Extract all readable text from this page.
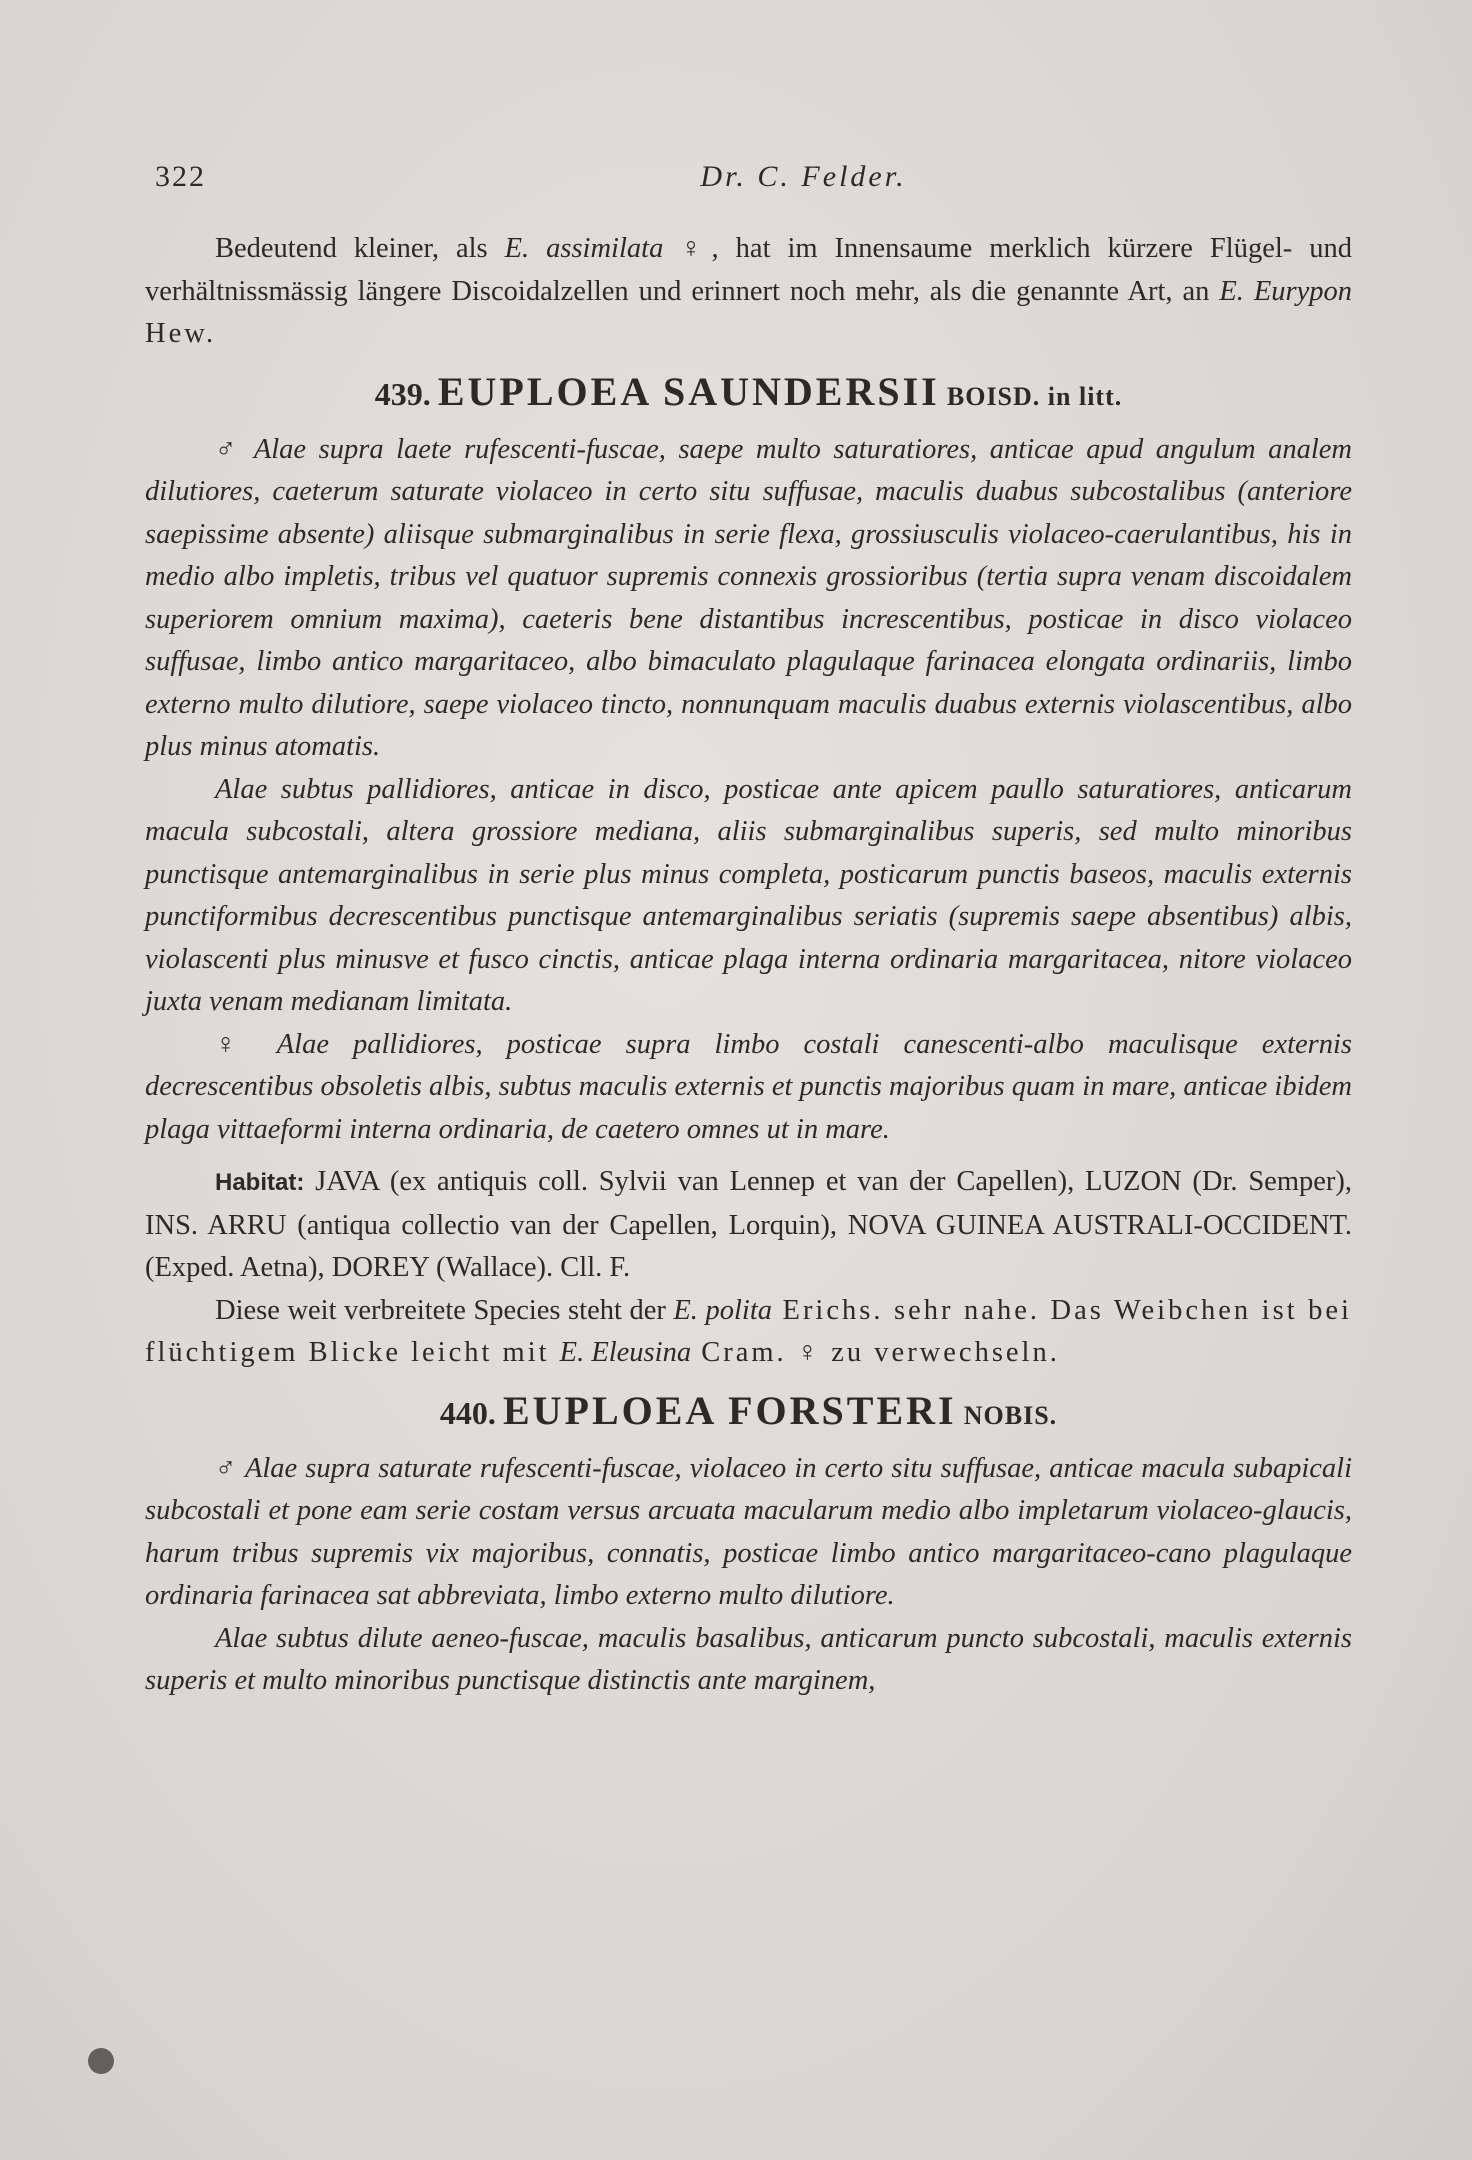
322	Dr. C. Felder.

Bedeutend kleiner, als E. assimilata ♀, hat im Innensaume merklich kürzere Flügel- und verhältnissmässig längere Discoidalzellen und erinnert noch mehr, als die genannte Art, an E. Eurypon Hew.

439. EUPLOEA SAUNDERSII BOISD. in litt.

♂ Alae supra laete rufescenti-fuscae, saepe multo saturatiores, anticae apud angulum analem dilutiores, caeterum saturate violaceo in certo situ suffusae, maculis duabus subcostalibus (anteriore saepissime absente) aliisque submarginalibus in serie flexa, grossiusculis violaceo-caerulantibus, his in medio albo impletis, tribus vel quatuor supremis connexis grossioribus (tertia supra venam discoidalem superiorem omnium maxima), caeteris bene distantibus increscentibus, posticae in disco violaceo suffusae, limbo antico margaritaceo, albo bimaculato plagulaque farinacea elongata ordinariis, limbo externo multo dilutiore, saepe violaceo tincto, nonnunquam maculis duabus externis violascentibus, albo plus minus atomatis.

Alae subtus pallidiores, anticae in disco, posticae ante apicem paullo saturatiores, anticarum macula subcostali, altera grossiore mediana, aliis submarginalibus superis, sed multo minoribus punctisque antemarginalibus in serie plus minus completa, posticarum punctis baseos, maculis externis punctiformibus decrescentibus punctisque antemarginalibus seriatis (supremis saepe absentibus) albis, violascenti plus minusve et fusco cinctis, anticae plaga interna ordinaria margaritacea, nitore violaceo juxta venam medianam limitata.

♀ Alae pallidiores, posticae supra limbo costali canescenti-albo maculisque externis decrescentibus obsoletis albis, subtus maculis externis et punctis majoribus quam in mare, anticae ibidem plaga vittaeformi interna ordinaria, de caetero omnes ut in mare.

Habitat: JAVA (ex antiquis coll. Sylvii van Lennep et van der Capellen), LUZON (Dr. Semper), INS. ARRU (antiqua collectio van der Capellen, Lorquin), NOVA GUINEA AUSTRALI-OCCIDENT. (Exped. Aetna), DOREY (Wallace). Cll. F.

Diese weit verbreitete Species steht der E. polita Erichs. sehr nahe. Das Weibchen ist bei flüchtigem Blicke leicht mit E. Eleusina Cram. ♀ zu verwechseln.

440. EUPLOEA FORSTERI NOBIS.

♂ Alae supra saturate rufescenti-fuscae, violaceo in certo situ suffusae, anticae macula subapicali subcostali et pone eam serie costam versus arcuata macularum medio albo impletarum violaceo-glaucis, harum tribus supremis vix majoribus, connatis, posticae limbo antico margaritaceo-cano plagulaque ordinaria farinacea sat abbreviata, limbo externo multo dilutiore.

Alae subtus dilute aeneo-fuscae, maculis basalibus, anticarum puncto subcostali, maculis externis superis et multo minoribus punctisque distinctis ante marginem,
